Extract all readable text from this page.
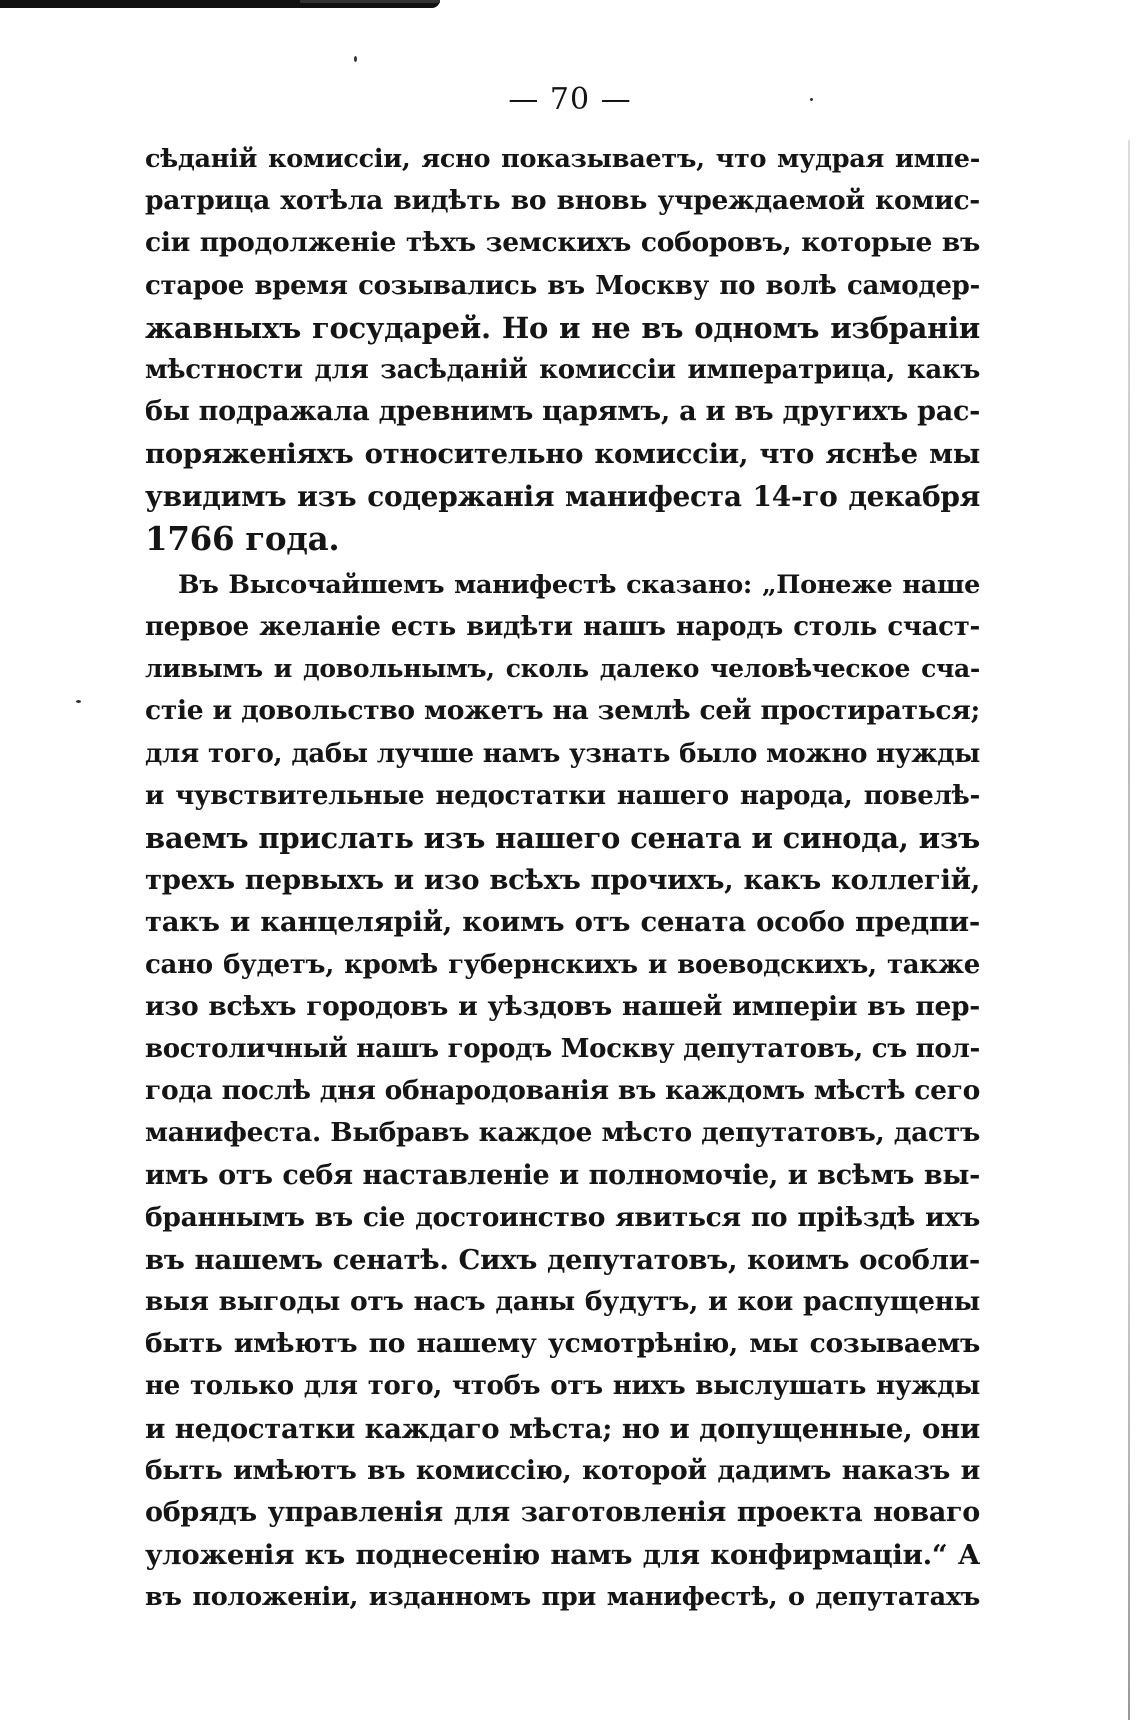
— 70 —
сѣданій комиссіи, ясно показываетъ, что мудрая импе-
ратрица хотѣла видѣть во вновь учреждаемой комис-
сіи продолженіе тѣхъ земскихъ соборовъ, которые въ
старое время созывались въ Москву по волѣ самодер-
жавныхъ государей. Но и не въ одномъ избраніи
мѣстности для засѣданій комиссіи императрица, какъ
бы подражала древнимъ царямъ, а и въ другихъ рас-
поряженіяхъ относительно комиссіи, что яснѣе мы
увидимъ изъ содержанія манифеста 14-го декабря
1766 года.
Въ Высочайшемъ манифестѣ сказано: „Понеже наше
первое желаніе есть видѣти нашъ народъ столь счаст-
ливымъ и довольнымъ, сколь далеко человѣческое сча-
стіе и довольство можетъ на землѣ сей простираться;
для того, дабы лучше намъ узнать было можно нужды
и чувствительные недостатки нашего народа, повелѣ-
ваемъ прислать изъ нашего сената и синода, изъ
трехъ первыхъ и изо всѣхъ прочихъ, какъ коллегій,
такъ и канцелярій, коимъ отъ сената особо предпи-
сано будетъ, кромѣ губернскихъ и воеводскихъ, также
изо всѣхъ городовъ и уѣздовъ нашей имперіи въ пер-
востоличный нашъ городъ Москву депутатовъ, съ пол-
года послѣ дня обнародованія въ каждомъ мѣстѣ сего
манифеста. Выбравъ каждое мѣсто депутатовъ, дастъ
имъ отъ себя наставленіе и полномочіе, и всѣмъ вы-
браннымъ въ сіе достоинство явиться по пріѣздѣ ихъ
въ нашемъ сенатѣ. Сихъ депутатовъ, коимъ особли-
выя выгоды отъ насъ даны будутъ, и кои распущены
быть имѣютъ по нашему усмотрѣнію, мы созываемъ
не только для того, чтобъ отъ нихъ выслушать нужды
и недостатки каждаго мѣста; но и допущенные, они
быть имѣютъ въ комиссію, которой дадимъ наказъ и
обрядъ управленія для заготовленія проекта новаго
уложенія къ поднесенію намъ для конфирмаціи.“ А
въ положеніи, изданномъ при манифестѣ, о депутатахъ
